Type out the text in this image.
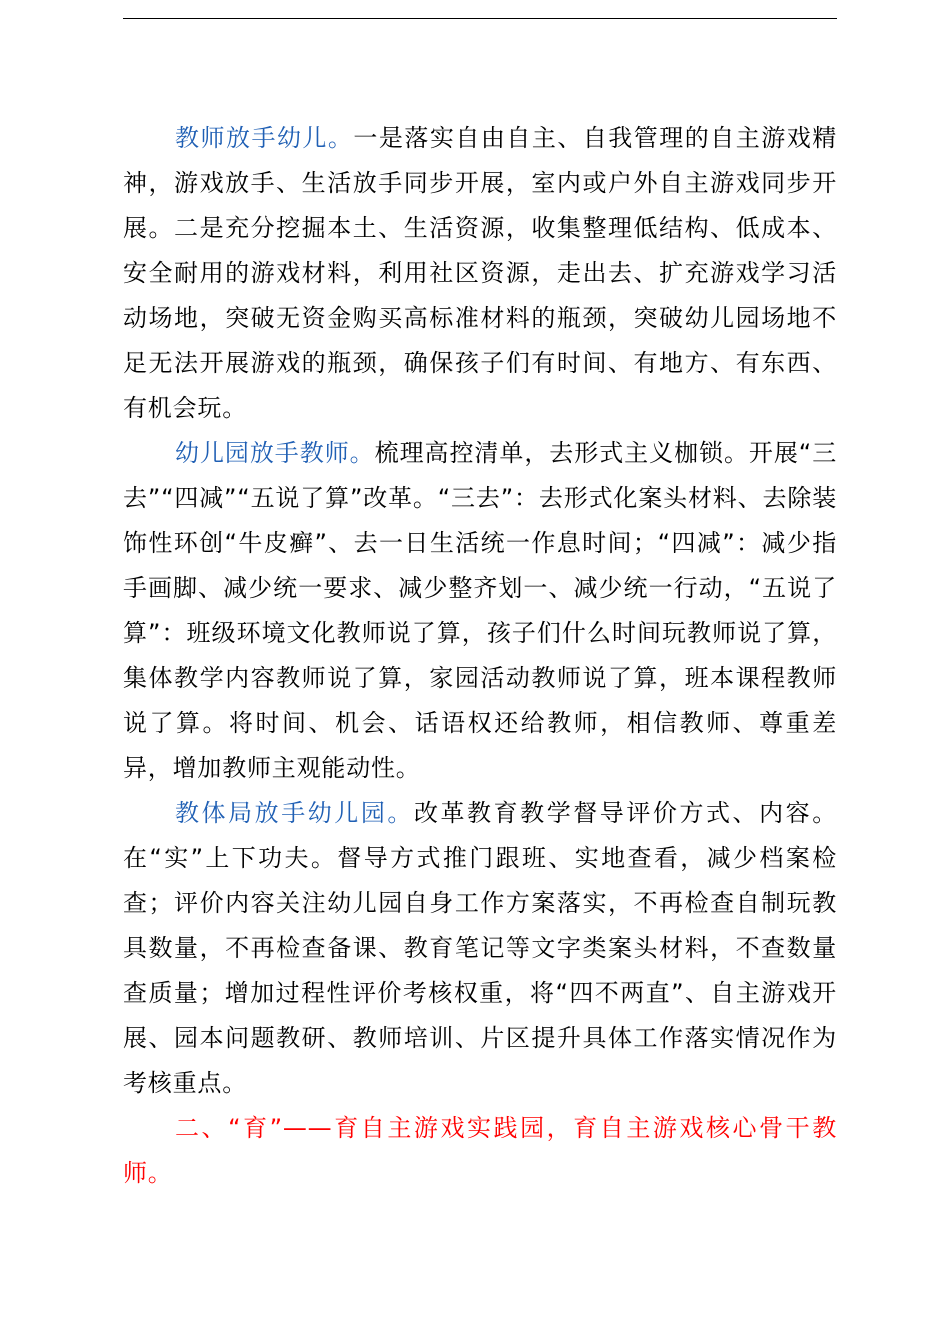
教师放手幼儿。一是落实自由自主、自我管理的自主游戏精神，游戏放手、生活放手同步开展，室内或户外自主游戏同步开展。二是充分挖掘本土、生活资源，收集整理低结构、低成本、安全耐用的游戏材料，利用社区资源，走出去、扩充游戏学习活动场地，突破无资金购买高标准材料的瓶颈，突破幼儿园场地不足无法开展游戏的瓶颈，确保孩子们有时间、有地方、有东西、有机会玩。

幼儿园放手教师。梳理高控清单，去形式主义枷锁。开展“三去”“四减”“五说了算”改革。“三去”：去形式化案头材料、去除装饰性环创“牛皮癣”、去一日生活统一作息时间；“四减”：减少指手画脚、减少统一要求、减少整齐划一、减少统一行动，“五说了算”：班级环境文化教师说了算，孩子们什么时间玩教师说了算，集体教学内容教师说了算，家园活动教师说了算，班本课程教师说了算。将时间、机会、话语权还给教师，相信教师、尊重差异，增加教师主观能动性。

教体局放手幼儿园。改革教育教学督导评价方式、内容。在“实”上下功夫。督导方式推门跟班、实地查看，减少档案检查；评价内容关注幼儿园自身工作方案落实，不再检查自制玩教具数量，不再检查备课、教育笔记等文字类案头材料，不查数量查质量；增加过程性评价考核权重，将“四不两直”、自主游戏开展、园本问题教研、教师培训、片区提升具体工作落实情况作为考核重点。

二、“育”——育自主游戏实践园，育自主游戏核心骨干教师。
